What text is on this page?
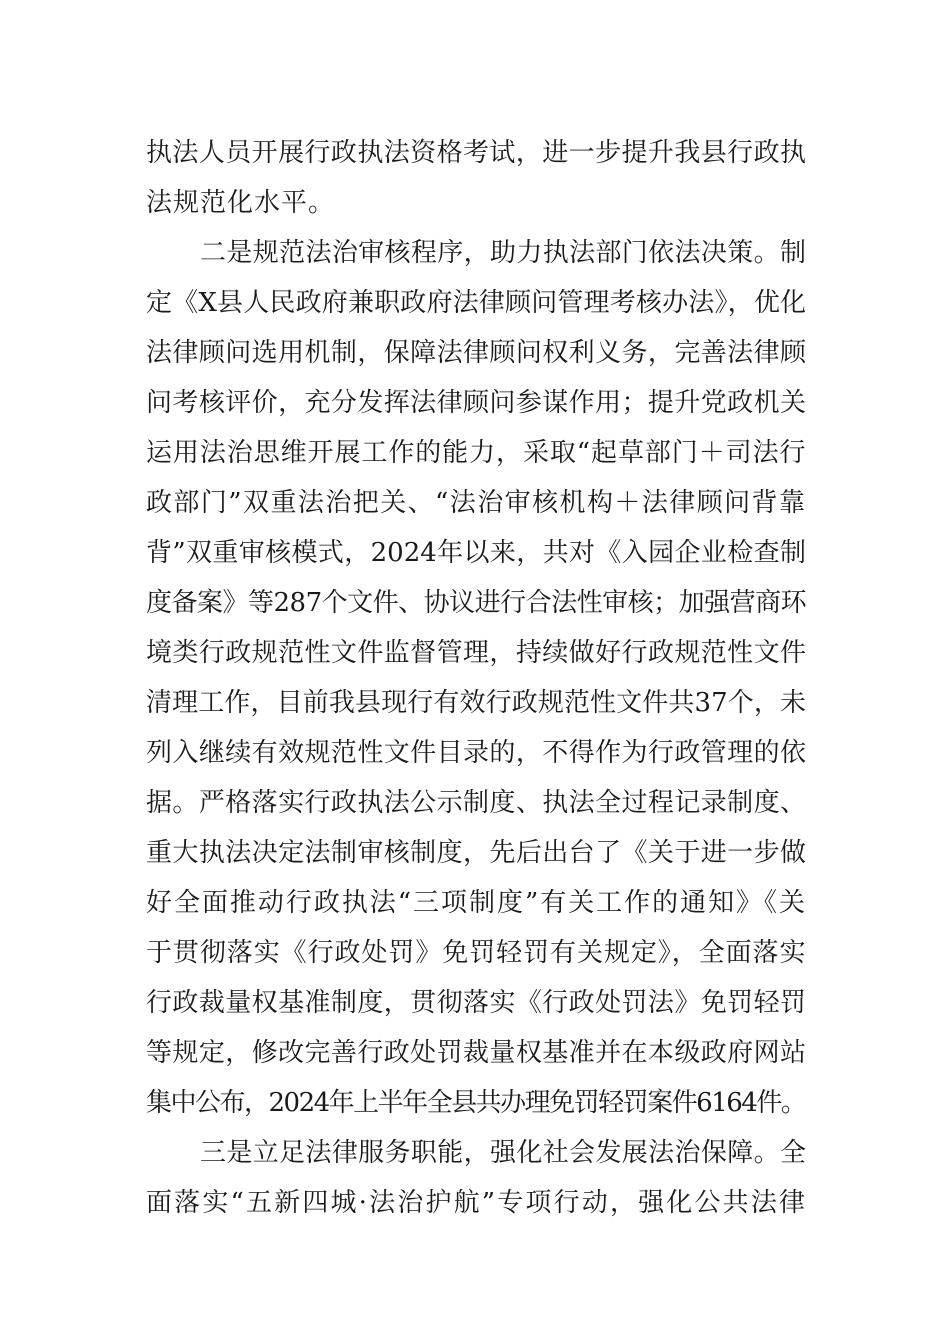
执法人员开展行政执法资格考试，进一步提升我县行政执
法规范化水平。
二是规范法治审核程序，助力执法部门依法决策。制
定《X县人民政府兼职政府法律顾问管理考核办法》，优化
法律顾问选用机制，保障法律顾问权利义务，完善法律顾
问考核评价，充分发挥法律顾问参谋作用；提升党政机关
运用法治思维开展工作的能力，采取“起草部门＋司法行
政部门”双重法治把关、“法治审核机构＋法律顾问背靠
背”双重审核模式，2024年以来，共对《入园企业检查制
度备案》等287个文件、协议进行合法性审核；加强营商环
境类行政规范性文件监督管理，持续做好行政规范性文件
清理工作，目前我县现行有效行政规范性文件共37个，未
列入继续有效规范性文件目录的，不得作为行政管理的依
据。严格落实行政执法公示制度、执法全过程记录制度、
重大执法决定法制审核制度，先后出台了《关于进一步做
好全面推动行政执法“三项制度”有关工作的通知》《关
于贯彻落实《行政处罚》免罚轻罚有关规定》，全面落实
行政裁量权基准制度，贯彻落实《行政处罚法》免罚轻罚
等规定，修改完善行政处罚裁量权基准并在本级政府网站
集中公布，2024年上半年全县共办理免罚轻罚案件6164件。
三是立足法律服务职能，强化社会发展法治保障。全
面落实“五新四城·法治护航”专项行动，强化公共法律
